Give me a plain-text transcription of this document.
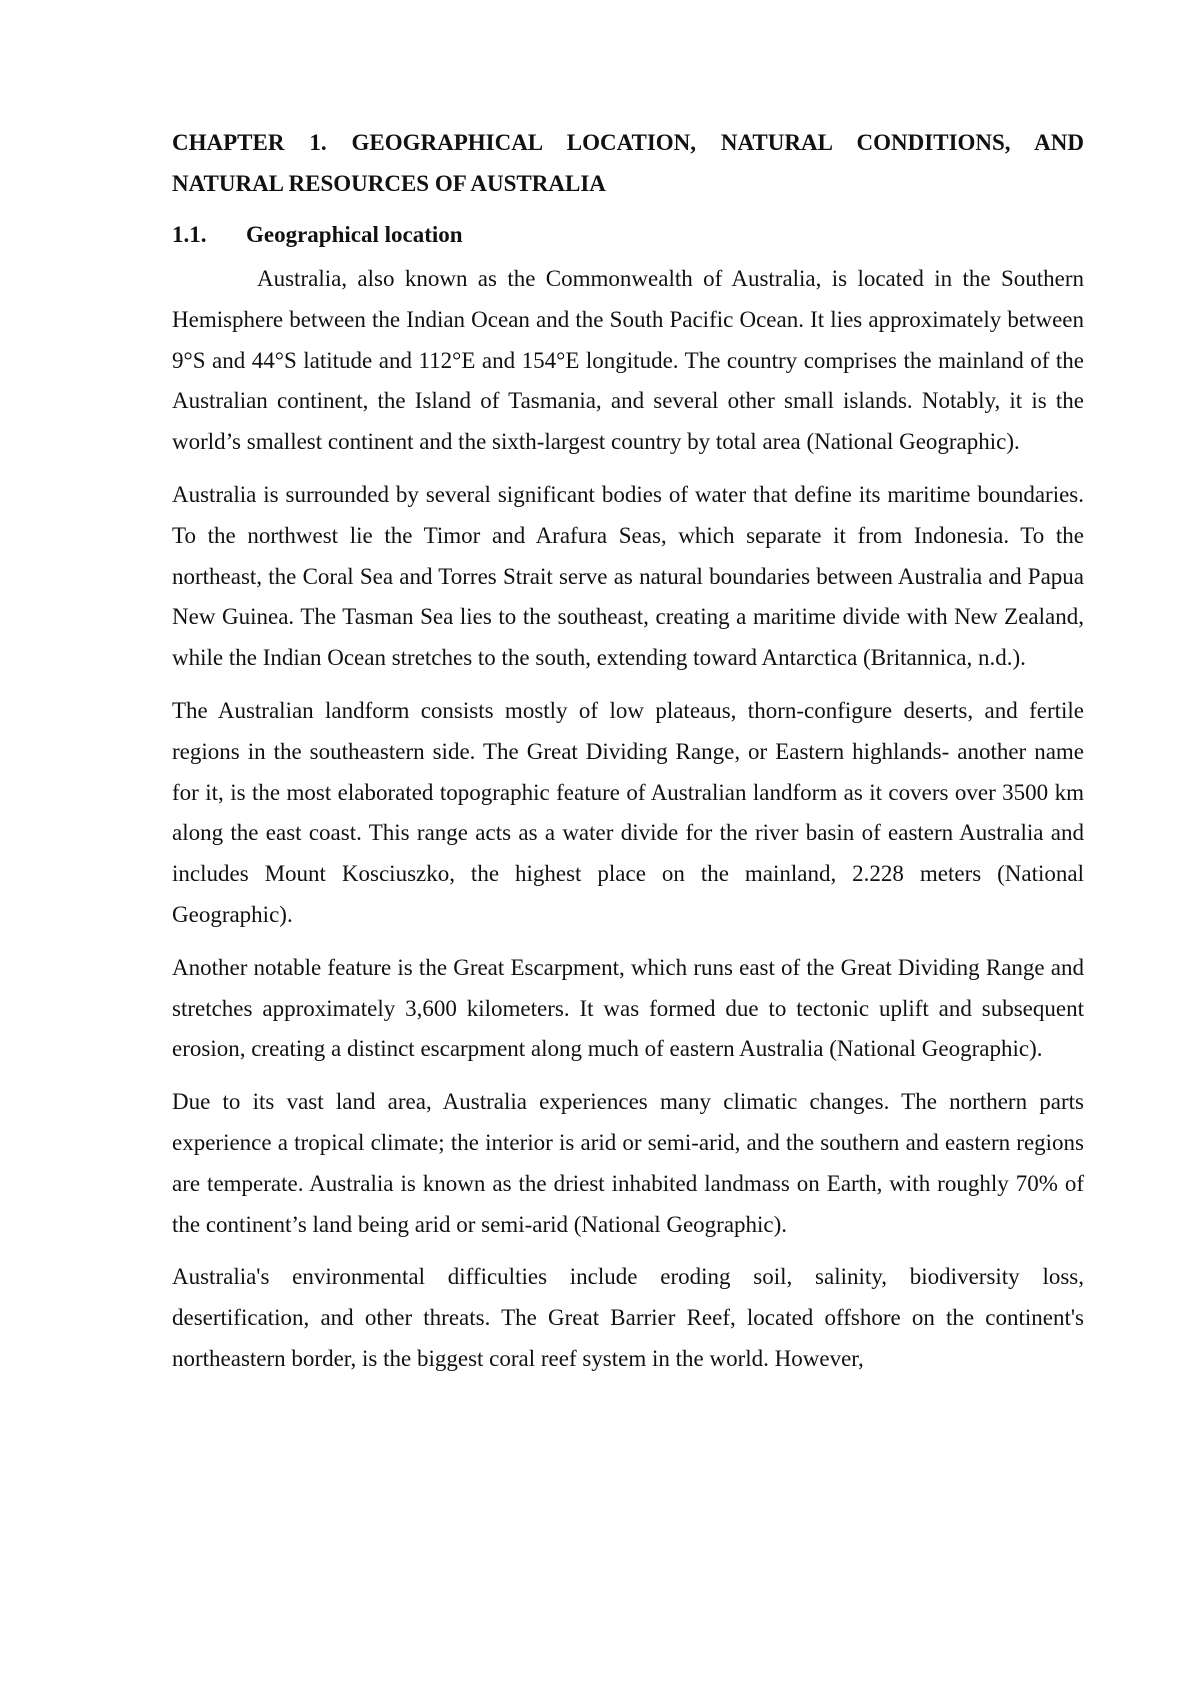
CHAPTER 1. GEOGRAPHICAL LOCATION, NATURAL CONDITIONS, AND NATURAL RESOURCES OF AUSTRALIA
1.1. Geographical location

Australia, also known as the Commonwealth of Australia, is located in the Southern Hemisphere between the Indian Ocean and the South Pacific Ocean. It lies approximately between 9°S and 44°S latitude and 112°E and 154°E longitude. The country comprises the mainland of the Australian continent, the Island of Tasmania, and several other small islands. Notably, it is the world’s smallest continent and the sixth-largest country by total area (National Geographic).

Australia is surrounded by several significant bodies of water that define its maritime boundaries. To the northwest lie the Timor and Arafura Seas, which separate it from Indonesia. To the northeast, the Coral Sea and Torres Strait serve as natural boundaries between Australia and Papua New Guinea. The Tasman Sea lies to the southeast, creating a maritime divide with New Zealand, while the Indian Ocean stretches to the south, extending toward Antarctica (Britannica, n.d.).

The Australian landform consists mostly of low plateaus, thorn-configure deserts, and fertile regions in the southeastern side. The Great Dividing Range, or Eastern highlands- another name for it, is the most elaborated topographic feature of Australian landform as it covers over 3500 km along the east coast. This range acts as a water divide for the river basin of eastern Australia and includes Mount Kosciuszko, the highest place on the mainland, 2.228 meters (National Geographic).

Another notable feature is the Great Escarpment, which runs east of the Great Dividing Range and stretches approximately 3,600 kilometers. It was formed due to tectonic uplift and subsequent erosion, creating a distinct escarpment along much of eastern Australia (National Geographic).

Due to its vast land area, Australia experiences many climatic changes. The northern parts experience a tropical climate; the interior is arid or semi-arid, and the southern and eastern regions are temperate. Australia is known as the driest inhabited landmass on Earth, with roughly 70% of the continent’s land being arid or semi-arid (National Geographic).

Australia's environmental difficulties include eroding soil, salinity, biodiversity loss, desertification, and other threats. The Great Barrier Reef, located offshore on the continent's northeastern border, is the biggest coral reef system in the world. However,
